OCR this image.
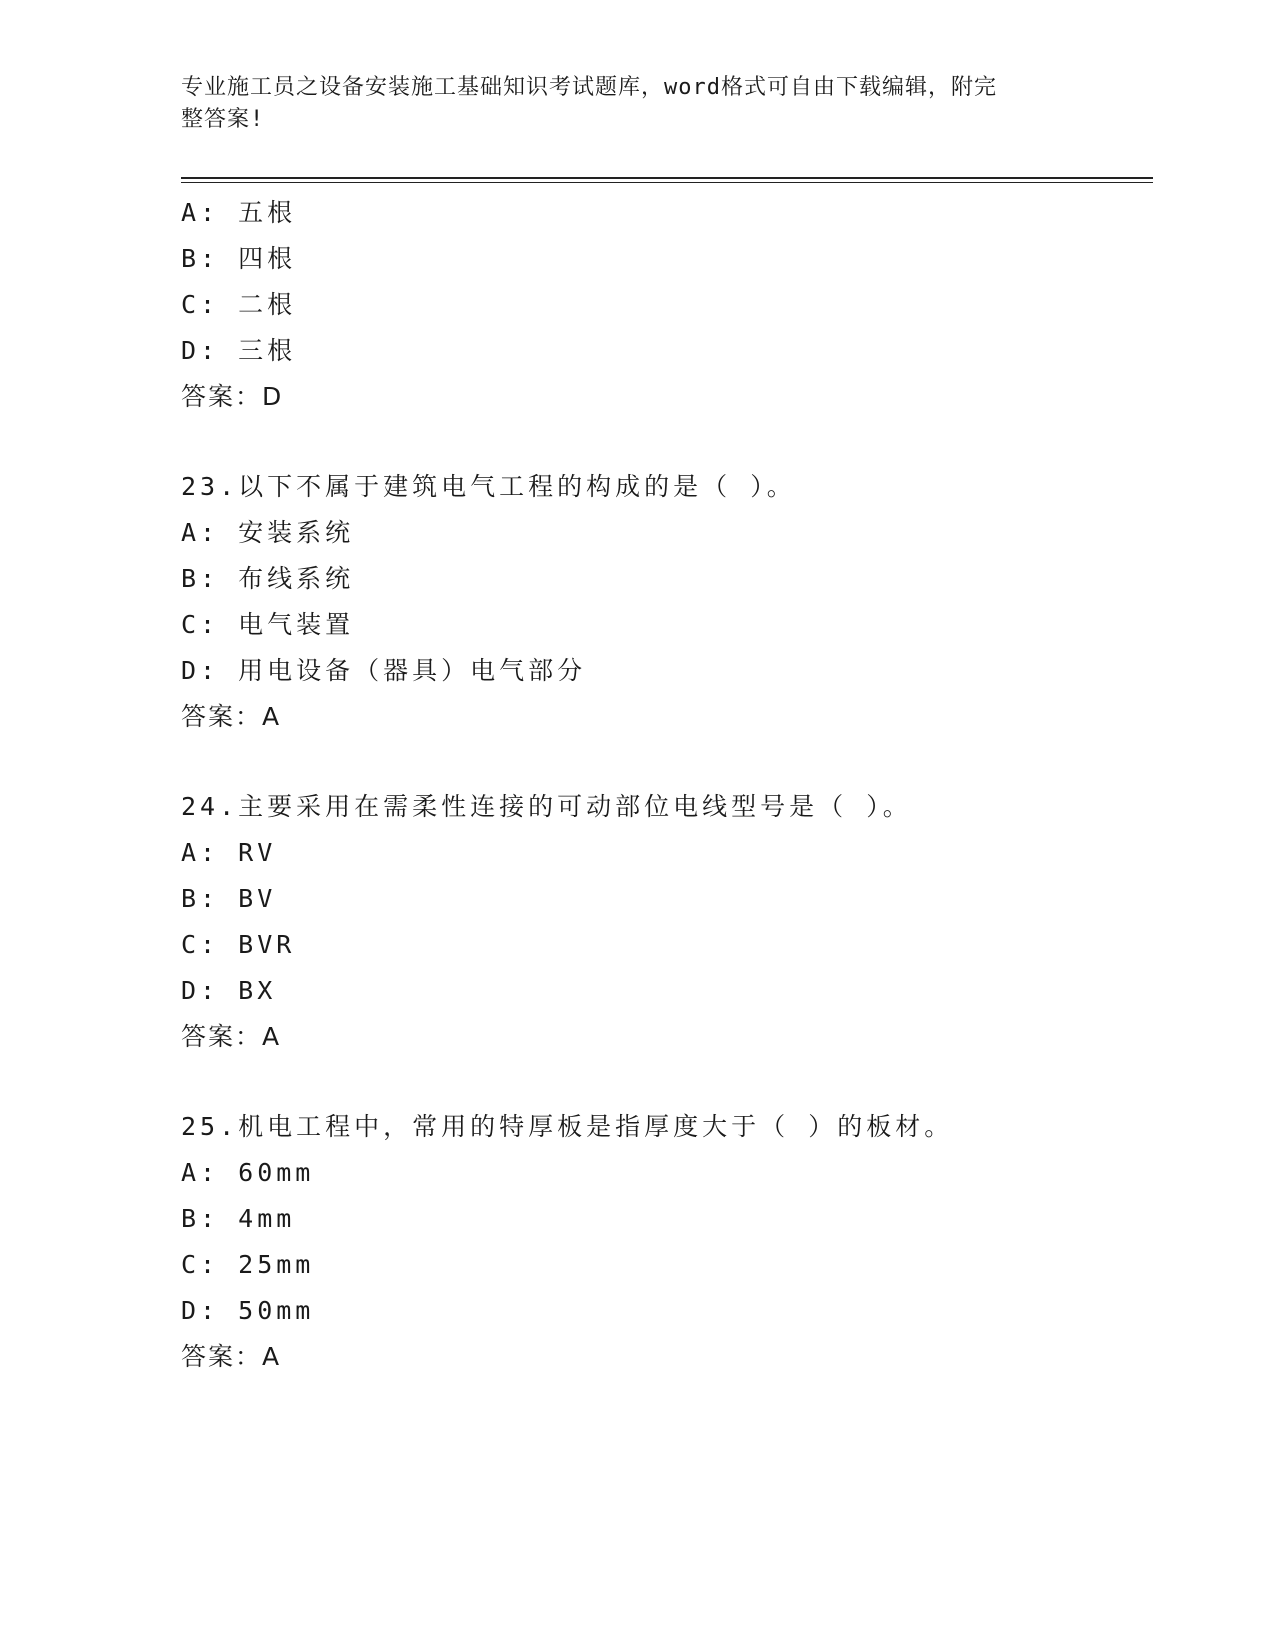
专业施工员之设备安装施工基础知识考试题库，word格式可自由下载编辑，附完
整答案!
A: 五根
B: 四根
C: 二根
D: 三根
答案：D
23.以下不属于建筑电气工程的构成的是（ ）。
A: 安装系统
B: 布线系统
C: 电气装置
D: 用电设备（器具）电气部分
答案：A
24.主要采用在需柔性连接的可动部位电线型号是（ ）。
A: RV
B: BV
C: BVR
D: BX
答案：A
25.机电工程中，常用的特厚板是指厚度大于（ ）的板材。
A: 60mm
B: 4mm
C: 25mm
D: 50mm
答案：A
